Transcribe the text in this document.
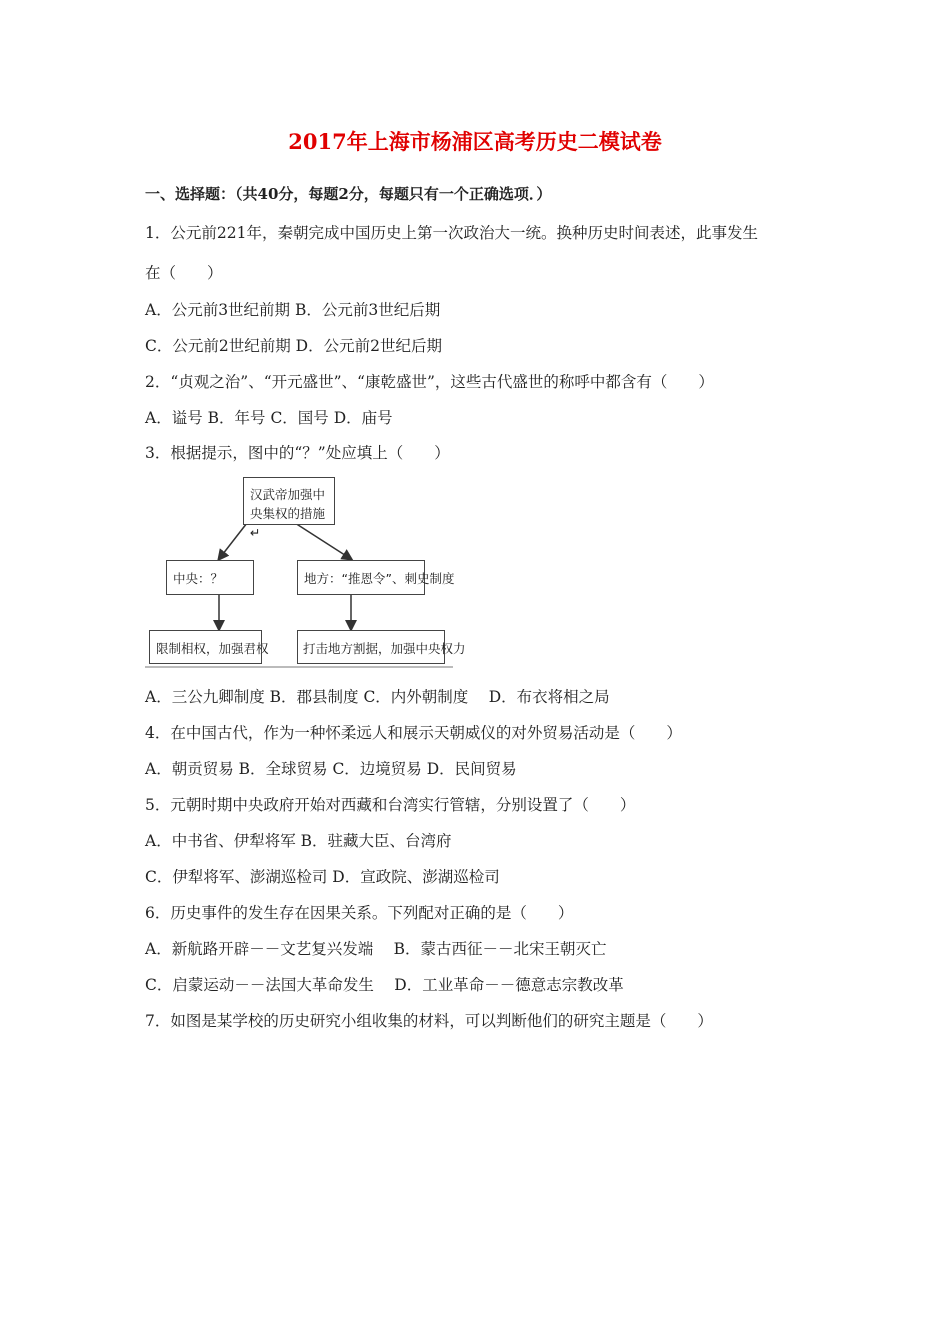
2017年上海市杨浦区高考历史二模试卷
一、选择题：（共40分，每题2分，每题只有一个正确选项．）
1．公元前221年，秦朝完成中国历史上第一次政治大一统。换种历史时间表述，此事发生
在（　　）
A．公元前3世纪前期 B．公元前3世纪后期
C．公元前2世纪前期 D．公元前2世纪后期
2．“贞观之治”、“开元盛世”、“康乾盛世”，这些古代盛世的称呼中都含有（　　）
A．谥号 B．年号 C．国号 D．庙号
3．根据提示，图中的“？”处应填上（　　）
汉武帝加强中
央集权的措施↵
中央：？	地方：“推恩令”、刺史制度
限制相权，加强君权	打击地方割据，加强中央权力
A．三公九卿制度 B．郡县制度 C．内外朝制度　 D．布衣将相之局
4．在中国古代，作为一种怀柔远人和展示天朝威仪的对外贸易活动是（　　）
A．朝贡贸易 B．全球贸易 C．边境贸易 D．民间贸易
5．元朝时期中央政府开始对西藏和台湾实行管辖，分别设置了（　　）
A．中书省、伊犁将军 B．驻藏大臣、台湾府
C．伊犁将军、澎湖巡检司 D．宣政院、澎湖巡检司
6．历史事件的发生存在因果关系。下列配对正确的是（　　）
A．新航路开辟－－文艺复兴发端　 B．蒙古西征－－北宋王朝灭亡
C．启蒙运动－－法国大革命发生　 D．工业革命－－德意志宗教改革
7．如图是某学校的历史研究小组收集的材料，可以判断他们的研究主题是（　　）
